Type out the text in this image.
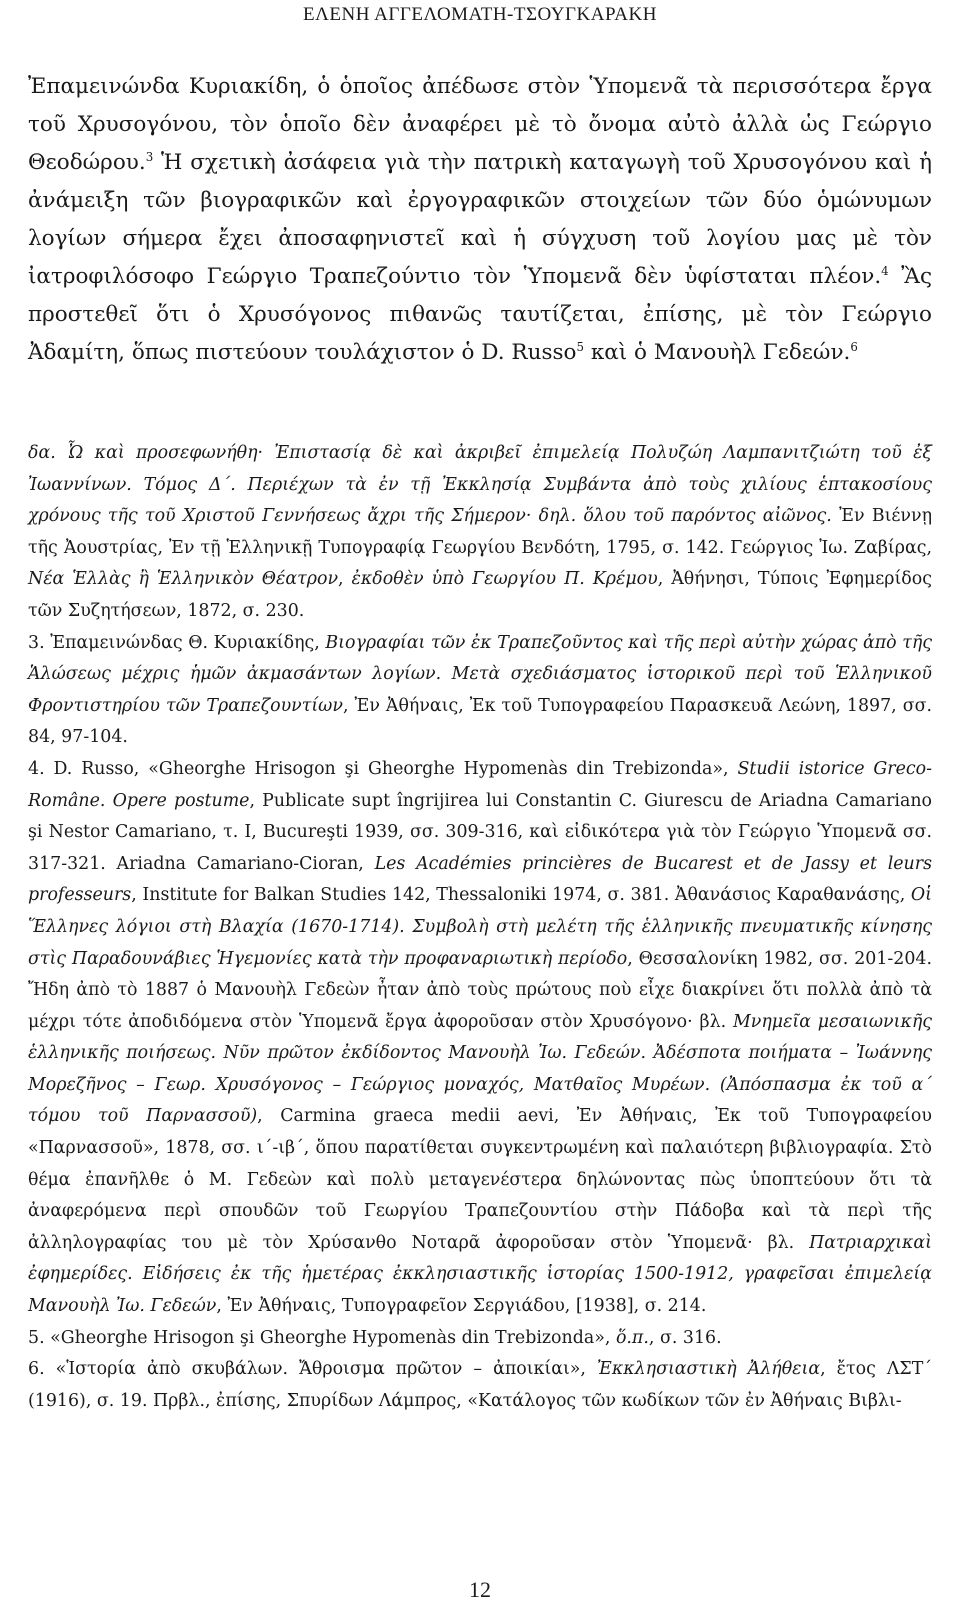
ΕΛΕΝΗ ΑΓΓΕΛΟΜΑΤΗ-ΤΣΟΥΓΚΑΡΑΚΗ

Ἐπαμεινώνδα Κυριακίδη, ὁ ὁποῖος ἀπέδωσε στὸν Ὑπομενᾶ τὰ περισσότερα ἔργα τοῦ Χρυσογόνου, τὸν ὁποῖο δὲν ἀναφέρει μὲ τὸ ὄνομα αὐτὸ ἀλλὰ ὡς Γεώργιο Θεοδώρου.$^3$ Ἡ σχετικὴ ἀσάφεια γιὰ τὴν πατρικὴ καταγωγὴ τοῦ Χρυσογόνου καὶ ἡ ἀνάμειξη τῶν βιογραφικῶν καὶ ἐργογραφικῶν στοιχείων τῶν δύο ὁμώνυμων λογίων σήμερα ἔχει ἀποσαφηνιστεῖ καὶ ἡ σύγχυση τοῦ λογίου μας μὲ τὸν ἰατροφιλόσοφο Γεώργιο Τραπεζούντιο τὸν Ὑπομενᾶ δὲν ὑφίσταται πλέον.$^4$ Ἂς προστεθεῖ ὅτι ὁ Χρυσόγονος πιθανῶς ταυτίζεται, ἐπίσης, μὲ τὸν Γεώργιο Ἀδαμίτη, ὅπως πιστεύουν τουλάχιστον ὁ D. Russo$^5$ καὶ ὁ Μανουὴλ Γεδεών.$^6$

δα. Ὦ καὶ προσεφωνήθη· Ἐπιστασίᾳ δὲ καὶ ἀκριβεῖ ἐπιμελείᾳ Πολυζώη Λαμπανιτζιώτη τοῦ ἐξ Ἰωαννίνων. Τόμος Δ΄. Περιέχων τὰ ἐν τῇ Ἐκκλησίᾳ Συμβάντα ἀπὸ τοὺς χιλίους ἑπτακοσίους χρόνους τῆς τοῦ Χριστοῦ Γεννήσεως ἄχρι τῆς Σήμερον· δηλ. ὅλου τοῦ παρόντος αἰῶνος. Ἐν Βιέννῃ τῆς Ἀουστρίας, Ἐν τῇ Ἑλληνικῇ Τυπογραφίᾳ Γεωργίου Βενδότη, 1795, σ. 142. Γεώργιος Ἰω. Ζαβίρας, Νέα Ἑλλὰς ἢ Ἑλληνικὸν Θέατρον, ἐκδοθὲν ὑπὸ Γεωργίου Π. Κρέμου, Ἀθήνησι, Τύποις Ἐφημερίδος τῶν Συζητήσεων, 1872, σ. 230.

3. Ἐπαμεινώνδας Θ. Κυριακίδης, Βιογραφίαι τῶν ἐκ Τραπεζοῦντος καὶ τῆς περὶ αὐτὴν χώρας ἀπὸ τῆς Ἁλώσεως μέχρις ἡμῶν ἀκμασάντων λογίων. Μετὰ σχεδιάσματος ἱστορικοῦ περὶ τοῦ Ἑλληνικοῦ Φροντιστηρίου τῶν Τραπεζουντίων, Ἐν Ἀθήναις, Ἐκ τοῦ Τυπογραφείου Παρασκευᾶ Λεώνη, 1897, σσ. 84, 97-104.

4. D. Russo, «Gheorghe Hrisogon şi Gheorghe Hypomenàs din Trebizonda», Studii istorice Greco-Române. Opere postume, Publicate supt îngrijirea lui Constantin C. Giurescu de Ariadna Camariano şi Nestor Camariano, τ. I, Bucureşti 1939, σσ. 309-316, καὶ εἰδικότερα γιὰ τὸν Γεώργιο Ὑπομενᾶ σσ. 317-321. Ariadna Camariano-Cioran, Les Académies princières de Bucarest et de Jassy et leurs professeurs, Institute for Balkan Studies 142, Thessaloniki 1974, σ. 381. Ἀθανάσιος Καραθανάσης, Οἱ Ἕλληνες λόγιοι στὴ Βλαχία (1670-1714). Συμβολὴ στὴ μελέτη τῆς ἑλληνικῆς πνευματικῆς κίνησης στὶς Παραδουνάβιες Ἡγεμονίες κατὰ τὴν προφαναριωτικὴ περίοδο, Θεσσαλονίκη 1982, σσ. 201-204. Ἤδη ἀπὸ τὸ 1887 ὁ Μανουὴλ Γεδεὼν ἦταν ἀπὸ τοὺς πρώτους ποὺ εἶχε διακρίνει ὅτι πολλὰ ἀπὸ τὰ μέχρι τότε ἀποδιδόμενα στὸν Ὑπομενᾶ ἔργα ἀφοροῦσαν στὸν Χρυσόγονο· βλ. Μνημεῖα μεσαιωνικῆς ἑλληνικῆς ποιήσεως. Νῦν πρῶτον ἐκδίδοντος Μανουὴλ Ἰω. Γεδεών. Ἀδέσποτα ποιήματα – Ἰωάννης Μορεζῆνος – Γεωρ. Χρυσόγονος – Γεώργιος μοναχός, Ματθαῖος Μυρέων. (Ἀπόσπασμα ἐκ τοῦ α΄ τόμου τοῦ Παρνασσοῦ), Carmina graeca medii aevi, Ἐν Ἀθήναις, Ἐκ τοῦ Τυπογραφείου «Παρνασσοῦ», 1878, σσ. ι΄-ιβ΄, ὅπου παρατίθεται συγκεντρωμένη καὶ παλαιότερη βιβλιογραφία. Στὸ θέμα ἐπανῆλθε ὁ Μ. Γεδεὼν καὶ πολὺ μεταγενέστερα δηλώνοντας πὼς ὑποπτεύουν ὅτι τὰ ἀναφερόμενα περὶ σπουδῶν τοῦ Γεωργίου Τραπεζουντίου στὴν Πάδοβα καὶ τὰ περὶ τῆς ἀλληλογραφίας του μὲ τὸν Χρύσανθο Νοταρᾶ ἀφοροῦσαν στὸν Ὑπομενᾶ· βλ. Πατριαρχικαὶ ἐφημερίδες. Εἰδήσεις ἐκ τῆς ἡμετέρας ἐκκλησιαστικῆς ἱστορίας 1500-1912, γραφεῖσαι ἐπιμελείᾳ Μανουὴλ Ἰω. Γεδεών, Ἐν Ἀθήναις, Τυπογραφεῖον Σεργιάδου, [1938], σ. 214.

5. «Gheorghe Hrisogon şi Gheorghe Hypomenàs din Trebizonda», ὅ.π., σ. 316.

6. «Ἱστορία ἀπὸ σκυβάλων. Ἄθροισμα πρῶτον – ἀποικίαι», Ἐκκλησιαστικὴ Ἀλήθεια, ἔτος ΛΣΤ΄ (1916), σ. 19. Πρβλ., ἐπίσης, Σπυρίδων Λάμπρος, «Κατάλογος τῶν κωδίκων τῶν ἐν Ἀθήναις Βιβλι-

12
